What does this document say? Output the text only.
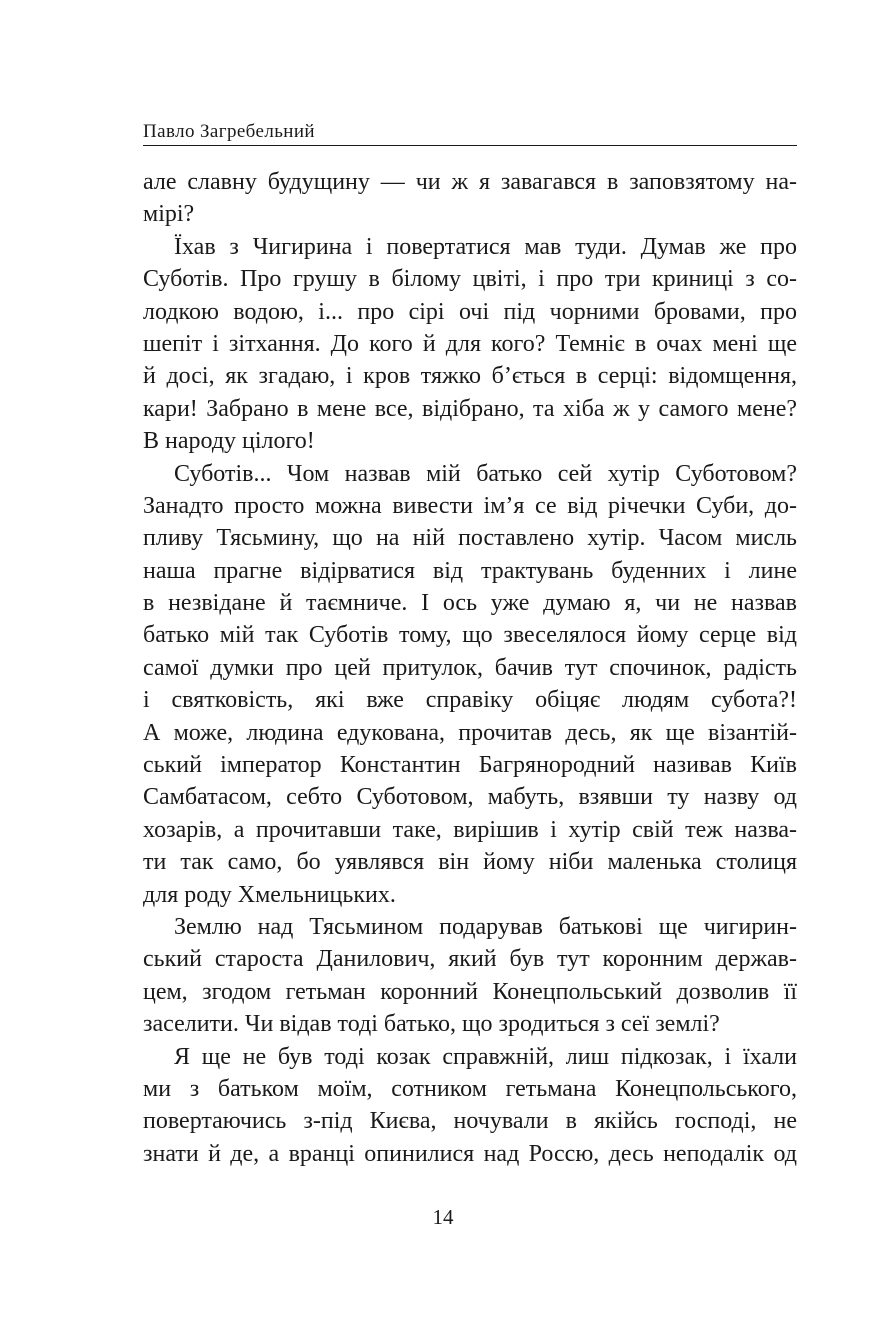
Павло Загребельний
але славну будущину — чи ж я завагався в заповзятому на-
мірі?
Їхав з Чигирина і повертатися мав туди. Думав же про
Суботів. Про грушу в білому цвіті, і про три криниці з со-
лодкою водою, і... про сірі очі під чорними бровами, про
шепіт і зітхання. До кого й для кого? Темніє в очах мені ще
й досі, як згадаю, і кров тяжко б’ється в серці: відомщення,
кари! Забрано в мене все, відібрано, та хіба ж у самого мене?
В народу цілого!
Суботів... Чом назвав мій батько сей хутір Суботовом?
Занадто просто можна вивести ім’я се від річечки Суби, до-
пливу Тясьмину, що на ній поставлено хутір. Часом мисль
наша прагне відірватися від трактувань буденних і лине
в незвідане й таємниче. І ось уже думаю я, чи не назвав
батько мій так Суботів тому, що звеселялося йому серце від
самої думки про цей притулок, бачив тут спочинок, радість
і святковість, які вже справіку обіцяє людям субота?!
А може, людина едукована, прочитав десь, як ще візантій-
ський імператор Константин Багрянородний називав Київ
Самбатасом, себто Суботовом, мабуть, взявши ту назву од
хозарів, а прочитавши таке, вирішив і хутір свій теж назва-
ти так само, бо уявлявся він йому ніби маленька столиця
для роду Хмельницьких.
Землю над Тясьмином подарував батькові ще чигирин-
ський староста Данилович, який був тут коронним держав-
цем, згодом гетьман коронний Конецпольський дозволив її
заселити. Чи відав тоді батько, що зродиться з сеї землі?
Я ще не був тоді козак справжній, лиш підкозак, і їхали
ми з батьком моїм, сотником гетьмана Конецпольського,
повертаючись з-під Києва, ночували в якійсь господі, не
знати й де, а вранці опинилися над Россю, десь неподалік од
14
